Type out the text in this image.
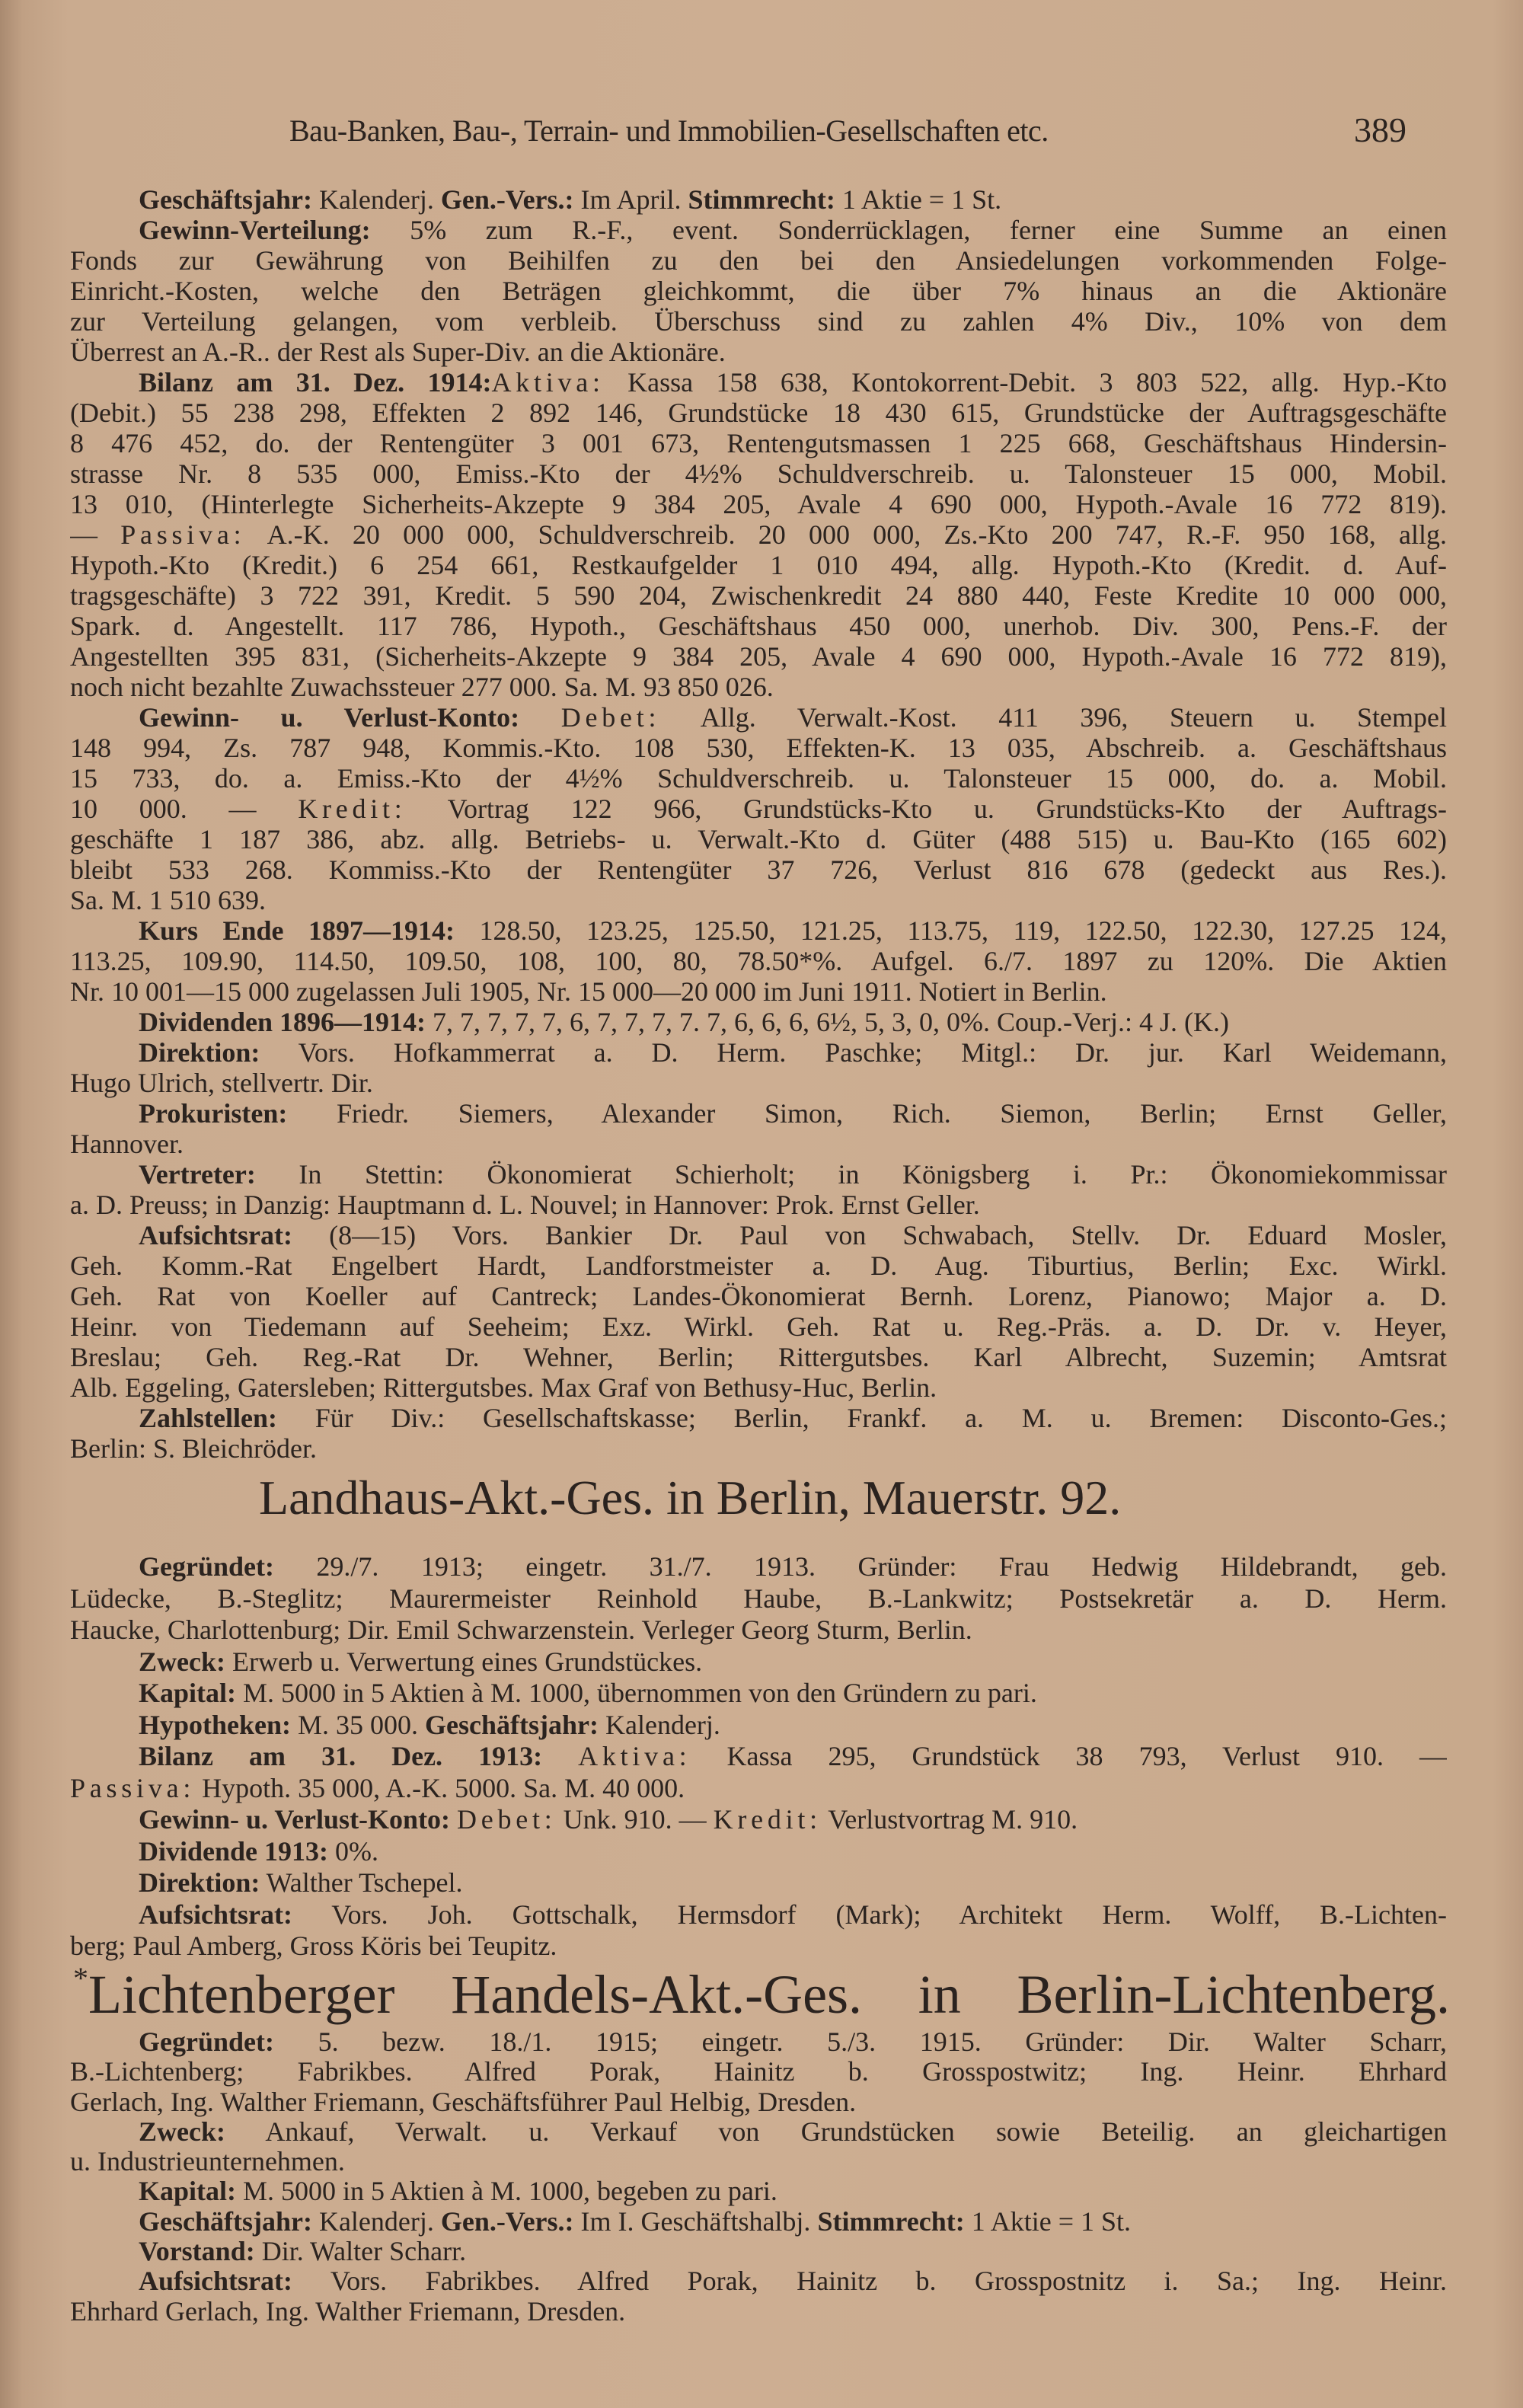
Bau-Banken, Bau-, Terrain- und Immobilien-Gesellschaften etc.	389
Geschäftsjahr: Kalenderj. Gen.-Vers.: Im April. Stimmrecht: 1 Aktie = 1 St.
Gewinn-Verteilung: 5% zum R.-F., event. Sonderrücklagen, ferner eine Summe an einen
Fonds zur Gewährung von Beihilfen zu den bei den Ansiedelungen vorkommenden Folge-
Einricht.-Kosten, welche den Beträgen gleichkommt, die über 7% hinaus an die Aktionäre
zur Verteilung gelangen, vom verbleib. Überschuss sind zu zahlen 4% Div., 10% von dem
Überrest an A.-R.. der Rest als Super-Div. an die Aktionäre.
Bilanz am 31. Dez. 1914:Aktiva: Kassa 158 638, Kontokorrent-Debit. 3 803 522, allg. Hyp.-Kto
(Debit.) 55 238 298, Effekten 2 892 146, Grundstücke 18 430 615, Grundstücke der Auftragsgeschäfte
8 476 452, do. der Rentengüter 3 001 673, Rentengutsmassen 1 225 668, Geschäftshaus Hindersin-
strasse Nr. 8 535 000, Emiss.-Kto der 4½% Schuldverschreib. u. Talonsteuer 15 000, Mobil.
13 010, (Hinterlegte Sicherheits-Akzepte 9 384 205, Avale 4 690 000, Hypoth.-Avale 16 772 819).
— Passiva: A.-K. 20 000 000, Schuldverschreib. 20 000 000, Zs.-Kto 200 747, R.-F. 950 168, allg.
Hypoth.-Kto (Kredit.) 6 254 661, Restkaufgelder 1 010 494, allg. Hypoth.-Kto (Kredit. d. Auf-
tragsgeschäfte) 3 722 391, Kredit. 5 590 204, Zwischenkredit 24 880 440, Feste Kredite 10 000 000,
Spark. d. Angestellt. 117 786, Hypoth., Geschäftshaus 450 000, unerhob. Div. 300, Pens.-F. der
Angestellten 395 831, (Sicherheits-Akzepte 9 384 205, Avale 4 690 000, Hypoth.-Avale 16 772 819),
noch nicht bezahlte Zuwachssteuer 277 000. Sa. M. 93 850 026.
Gewinn- u. Verlust-Konto: Debet: Allg. Verwalt.-Kost. 411 396, Steuern u. Stempel
148 994, Zs. 787 948, Kommis.-Kto. 108 530, Effekten-K. 13 035, Abschreib. a. Geschäftshaus
15 733, do. a. Emiss.-Kto der 4½% Schuldverschreib. u. Talonsteuer 15 000, do. a. Mobil.
10 000. — Kredit: Vortrag 122 966, Grundstücks-Kto u. Grundstücks-Kto der Auftrags-
geschäfte 1 187 386, abz. allg. Betriebs- u. Verwalt.-Kto d. Güter (488 515) u. Bau-Kto (165 602)
bleibt 533 268. Kommiss.-Kto der Rentengüter 37 726, Verlust 816 678 (gedeckt aus Res.).
Sa. M. 1 510 639.
Kurs Ende 1897—1914: 128.50, 123.25, 125.50, 121.25, 113.75, 119, 122.50, 122.30, 127.25 124,
113.25, 109.90, 114.50, 109.50, 108, 100, 80, 78.50*%. Aufgel. 6./7. 1897 zu 120%. Die Aktien
Nr. 10 001—15 000 zugelassen Juli 1905, Nr. 15 000—20 000 im Juni 1911. Notiert in Berlin.
Dividenden 1896—1914: 7, 7, 7, 7, 7, 6, 7, 7, 7, 7. 7, 6, 6, 6, 6½, 5, 3, 0, 0%. Coup.-Verj.: 4 J. (K.)
Direktion: Vors. Hofkammerrat a. D. Herm. Paschke; Mitgl.: Dr. jur. Karl Weidemann,
Hugo Ulrich, stellvertr. Dir.
Prokuristen: Friedr. Siemers, Alexander Simon, Rich. Siemon, Berlin; Ernst Geller,
Hannover.
Vertreter: In Stettin: Ökonomierat Schierholt; in Königsberg i. Pr.: Ökonomiekommissar
a. D. Preuss; in Danzig: Hauptmann d. L. Nouvel; in Hannover: Prok. Ernst Geller.
Aufsichtsrat: (8—15) Vors. Bankier Dr. Paul von Schwabach, Stellv. Dr. Eduard Mosler,
Geh. Komm.-Rat Engelbert Hardt, Landforstmeister a. D. Aug. Tiburtius, Berlin; Exc. Wirkl.
Geh. Rat von Koeller auf Cantreck; Landes-Ökonomierat Bernh. Lorenz, Pianowo; Major a. D.
Heinr. von Tiedemann auf Seeheim; Exz. Wirkl. Geh. Rat u. Reg.-Präs. a. D. Dr. v. Heyer,
Breslau; Geh. Reg.-Rat Dr. Wehner, Berlin; Rittergutsbes. Karl Albrecht, Suzemin; Amtsrat
Alb. Eggeling, Gatersleben; Rittergutsbes. Max Graf von Bethusy-Huc, Berlin.
Zahlstellen: Für Div.: Gesellschaftskasse; Berlin, Frankf. a. M. u. Bremen: Disconto-Ges.;
Berlin: S. Bleichröder.
Landhaus-Akt.-Ges. in Berlin, Mauerstr. 92.
Gegründet: 29./7. 1913; eingetr. 31./7. 1913. Gründer: Frau Hedwig Hildebrandt, geb.
Lüdecke, B.-Steglitz; Maurermeister Reinhold Haube, B.-Lankwitz; Postsekretär a. D. Herm.
Haucke, Charlottenburg; Dir. Emil Schwarzenstein. Verleger Georg Sturm, Berlin.
Zweck: Erwerb u. Verwertung eines Grundstückes.
Kapital: M. 5000 in 5 Aktien à M. 1000, übernommen von den Gründern zu pari.
Hypotheken: M. 35 000. Geschäftsjahr: Kalenderj.
Bilanz am 31. Dez. 1913: Aktiva: Kassa 295, Grundstück 38 793, Verlust 910. —
Passiva: Hypoth. 35 000, A.-K. 5000. Sa. M. 40 000.
Gewinn- u. Verlust-Konto: Debet: Unk. 910. — Kredit: Verlustvortrag M. 910.
Dividende 1913: 0%.
Direktion: Walther Tschepel.
Aufsichtsrat: Vors. Joh. Gottschalk, Hermsdorf (Mark); Architekt Herm. Wolff, B.-Lichten-
berg; Paul Amberg, Gross Köris bei Teupitz.
*Lichtenberger Handels-Akt.-Ges. in Berlin-Lichtenberg.
Gegründet: 5. bezw. 18./1. 1915; eingetr. 5./3. 1915. Gründer: Dir. Walter Scharr,
B.-Lichtenberg; Fabrikbes. Alfred Porak, Hainitz b. Grosspostwitz; Ing. Heinr. Ehrhard
Gerlach, Ing. Walther Friemann, Geschäftsführer Paul Helbig, Dresden.
Zweck: Ankauf, Verwalt. u. Verkauf von Grundstücken sowie Beteilig. an gleichartigen
u. Industrieunternehmen.
Kapital: M. 5000 in 5 Aktien à M. 1000, begeben zu pari.
Geschäftsjahr: Kalenderj. Gen.-Vers.: Im I. Geschäftshalbj. Stimmrecht: 1 Aktie = 1 St.
Vorstand: Dir. Walter Scharr.
Aufsichtsrat: Vors. Fabrikbes. Alfred Porak, Hainitz b. Grosspostnitz i. Sa.; Ing. Heinr.
Ehrhard Gerlach, Ing. Walther Friemann, Dresden.
